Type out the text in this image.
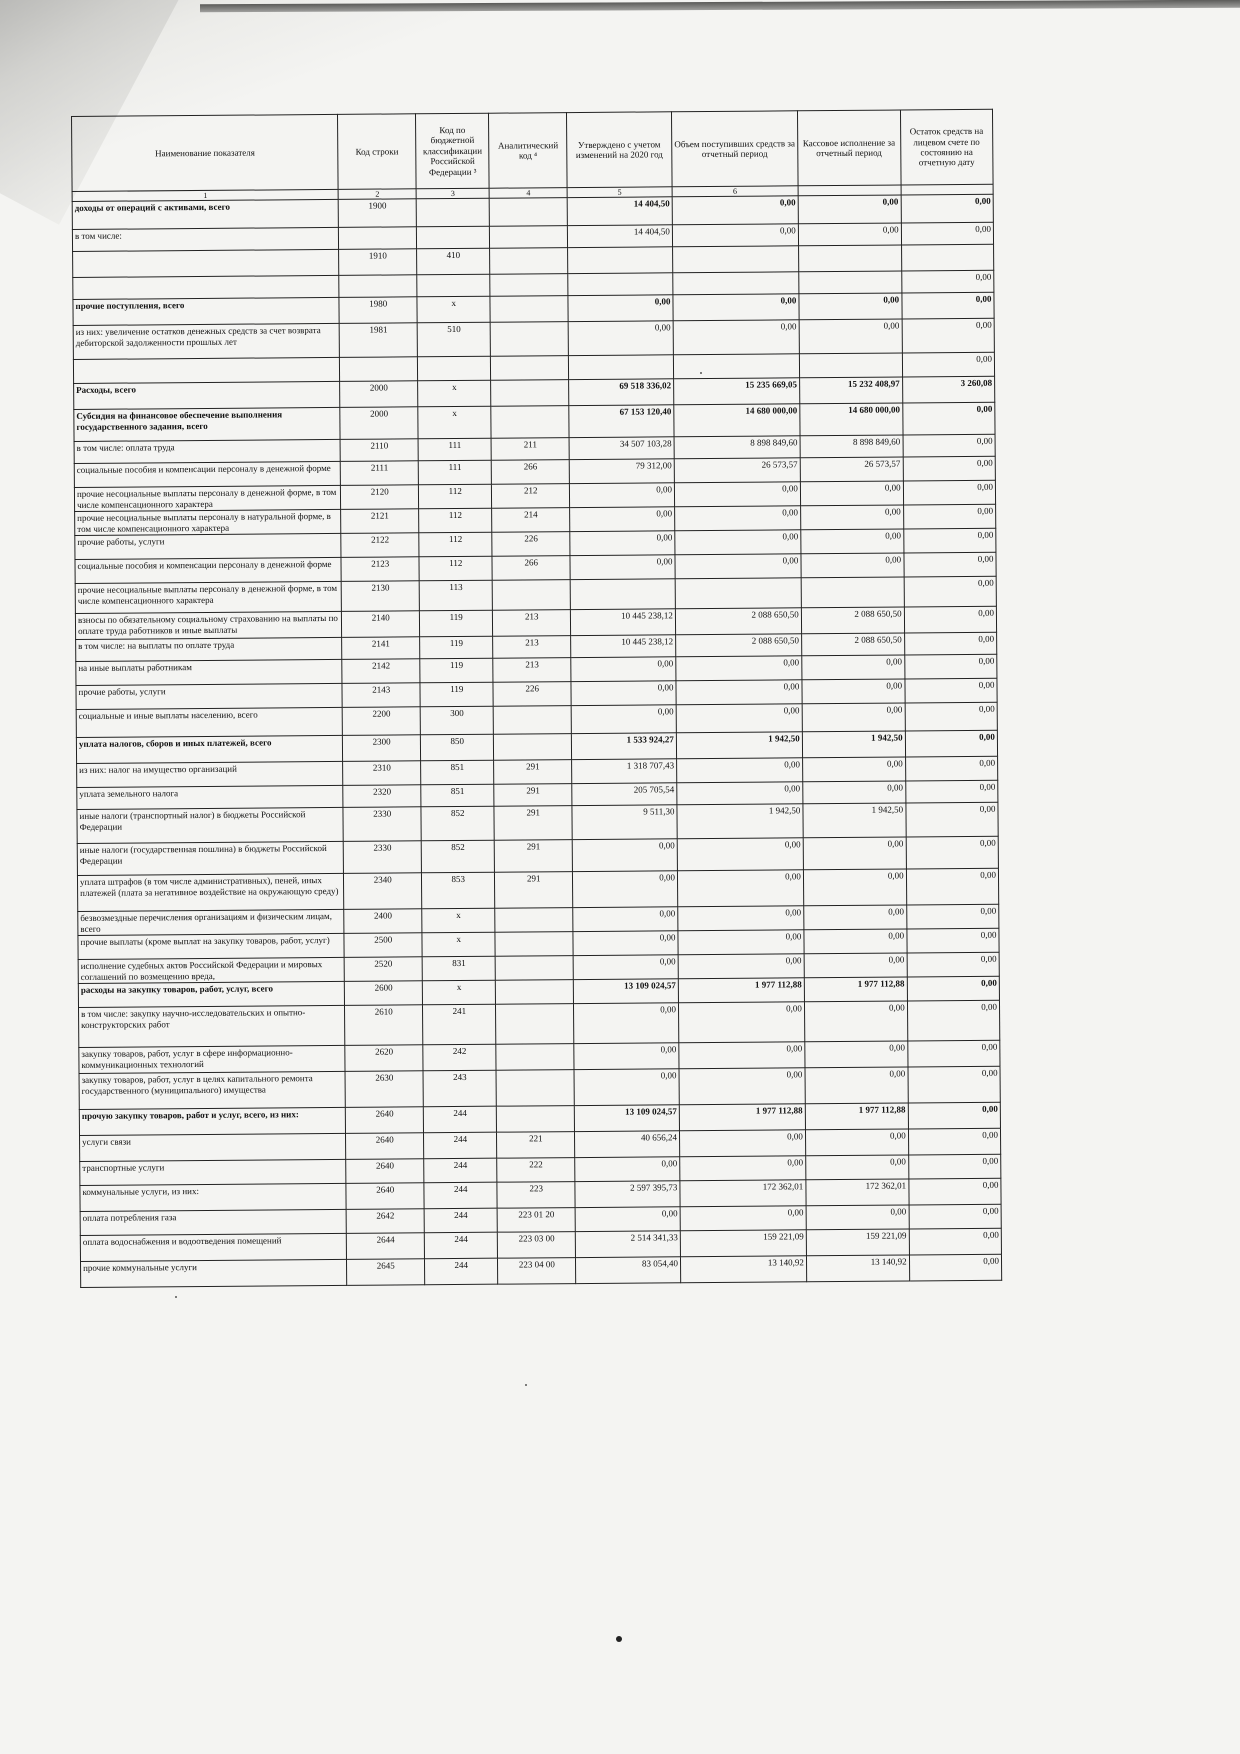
Наименование показателя	Код строки	Код по бюджетной классификации Российской Федерации ³	Аналитический код ⁴	Утверждено с учетом изменений на 2020 год	Объем поступивших средств за отчетный период	Кассовое исполнение за отчетный период	Остаток средств на лицевом счете по состоянию на отчетную дату
1	2	3	4	5	6		
доходы от операций с активами, всего	1900			14 404,50	0,00	0,00	0,00
в том числе:				14 404,50	0,00	0,00	0,00
	1910	410					
							0,00
прочие поступления, всего	1980	x		0,00	0,00	0,00	0,00
из них: увеличение остатков денежных средств за счет возврата дебиторской задолженности прошлых лет	1981	510		0,00	0,00	0,00	0,00
							0,00
Расходы, всего	2000	x		69 518 336,02	15 235 669,05	15 232 408,97	3 260,08
Субсидия на финансовое обеспечение выполнения государственного задания, всего	2000	x		67 153 120,40	14 680 000,00	14 680 000,00	0,00
в том числе: оплата труда	2110	111	211	34 507 103,28	8 898 849,60	8 898 849,60	0,00
социальные пособия и компенсации персоналу в денежной форме	2111	111	266	79 312,00	26 573,57	26 573,57	0,00
прочие несоциальные выплаты персоналу в денежной форме, в том числе компенсационного характера	2120	112	212	0,00	0,00	0,00	0,00
прочие несоциальные выплаты персоналу в натуральной форме, в том числе компенсационного характера	2121	112	214	0,00	0,00	0,00	0,00
прочие работы, услуги	2122	112	226	0,00	0,00	0,00	0,00
социальные пособия и компенсации персоналу в денежной форме	2123	112	266	0,00	0,00	0,00	0,00
прочие несоциальные выплаты персоналу в денежной форме, в том числе компенсационного характера	2130	113					0,00
взносы по обязательному социальному страхованию на выплаты по оплате труда работников и иные выплаты	2140	119	213	10 445 238,12	2 088 650,50	2 088 650,50	0,00
в том числе: на выплаты по оплате труда	2141	119	213	10 445 238,12	2 088 650,50	2 088 650,50	0,00
на иные выплаты работникам	2142	119	213	0,00	0,00	0,00	0,00
прочие работы, услуги	2143	119	226	0,00	0,00	0,00	0,00
социальные и иные выплаты населению, всего	2200	300		0,00	0,00	0,00	0,00
уплата налогов, сборов и иных платежей, всего	2300	850		1 533 924,27	1 942,50	1 942,50	0,00
из них: налог на имущество организаций	2310	851	291	1 318 707,43	0,00	0,00	0,00
уплата земельного налога	2320	851	291	205 705,54	0,00	0,00	0,00
иные налоги (транспортный налог) в бюджеты Российской Федерации	2330	852	291	9 511,30	1 942,50	1 942,50	0,00
иные налоги (государственная пошлина) в бюджеты Российской Федерации	2330	852	291	0,00	0,00	0,00	0,00
уплата штрафов (в том числе административных), пеней, иных платежей (плата за негативное воздействие на окружающую среду)	2340	853	291	0,00	0,00	0,00	0,00
безвозмездные перечисления организациям и физическим лицам, всего	2400	x		0,00	0,00	0,00	0,00
прочие выплаты (кроме выплат на закупку товаров, работ, услуг)	2500	x		0,00	0,00	0,00	0,00
исполнение судебных актов Российской Федерации и мировых соглашений по возмещению вреда,	2520	831		0,00	0,00	0,00	0,00
расходы на закупку товаров, работ, услуг, всего	2600	x		13 109 024,57	1 977 112,88	1 977 112,88	0,00
в том числе: закупку научно-исследовательских и опытно-конструкторских работ	2610	241		0,00	0,00	0,00	0,00
закупку товаров, работ, услуг в сфере информационно-коммуникационных технологий	2620	242		0,00	0,00	0,00	0,00
закупку товаров, работ, услуг в целях капитального ремонта государственного (муниципального) имущества	2630	243		0,00	0,00	0,00	0,00
прочую закупку товаров, работ и услуг, всего, из них:	2640	244		13 109 024,57	1 977 112,88	1 977 112,88	0,00
услуги связи	2640	244	221	40 656,24	0,00	0,00	0,00
транспортные услуги	2640	244	222	0,00	0,00	0,00	0,00
коммунальные услуги, из них:	2640	244	223	2 597 395,73	172 362,01	172 362,01	0,00
оплата потребления газа	2642	244	223 01 20	0,00	0,00	0,00	0,00
оплата водоснабжения и водоотведения помещений	2644	244	223 03 00	2 514 341,33	159 221,09	159 221,09	0,00
прочие коммунальные услуги	2645	244	223 04 00	83 054,40	13 140,92	13 140,92	0,00
